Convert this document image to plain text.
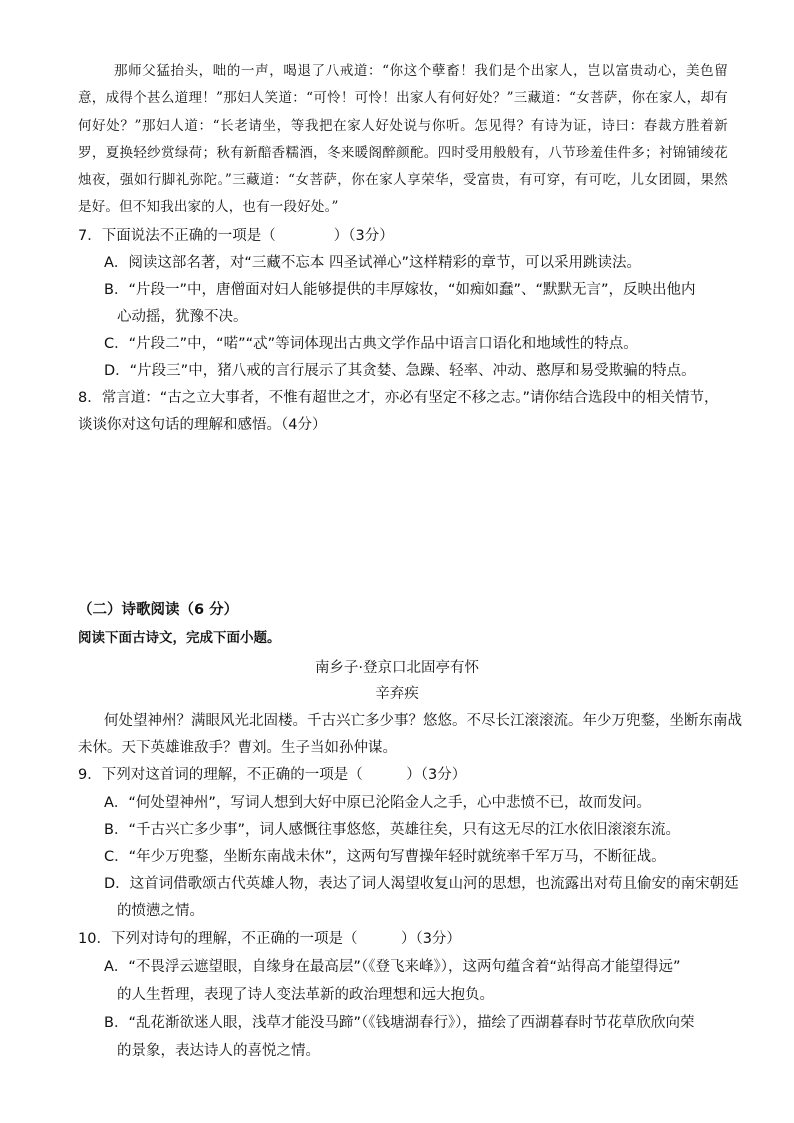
那师父猛抬头，咄的一声，喝退了八戒道：“你这个孽畜！我们是个出家人，岂以富贵动心，美色留意，成得个甚么道理！”那妇人笑道：“可怜！可怜！出家人有何好处？”三藏道：“女菩萨，你在家人，却有何好处？”那妇人道：“长老请坐，等我把在家人好处说与你听。怎见得？有诗为证，诗曰：春裁方胜着新罗，夏换轻纱赏绿荷；秋有新醅香糯酒，冬来暖阁醉颜酡。四时受用般般有，八节珍羞佳件多；衬锦铺绫花烛夜，强如行脚礼弥陀。”三藏道：“女菩萨，你在家人享荣华，受富贵，有可穿，有可吃，儿女团圆，果然是好。但不知我出家的人，也有一段好处。”

7．下面说法不正确的一项是（　　　　）（3分）
A．阅读这部名著，对“三藏不忘本 四圣试禅心”这样精彩的章节，可以采用跳读法。
B．“片段一”中，唐僧面对妇人能够提供的丰厚嫁妆，“如痴如蠢”、“默默无言”，反映出他内
心动摇，犹豫不决。
C．“片段二”中，“喏”“忒”等词体现出古典文学作品中语言口语化和地域性的特点。
D．“片段三”中，猪八戒的言行展示了其贪婪、急躁、轻率、冲动、憨厚和易受欺骗的特点。
8．常言道：“古之立大事者，不惟有超世之才，亦必有坚定不移之志。”请你结合选段中的相关情节，
谈谈你对这句话的理解和感悟。（4分）
（二）诗歌阅读（6 分）
阅读下面古诗文，完成下面小题。
南乡子·登京口北固亭有怀
辛弃疾
何处望神州？满眼风光北固楼。千古兴亡多少事？悠悠。不尽长江滚滚流。年少万兜鍪，坐断东南战
未休。天下英雄谁敌手？曹刘。生子当如孙仲谋。
9．下列对这首词的理解，不正确的一项是（　　　）（3分）
A．“何处望神州”，写词人想到大好中原已沦陷金人之手，心中悲愤不已，故而发问。
B．“千古兴亡多少事”，词人感慨往事悠悠，英雄往矣，只有这无尽的江水依旧滚滚东流。
C．“年少万兜鍪，坐断东南战未休”，这两句写曹操年轻时就统率千军万马，不断征战。
D．这首词借歌颂古代英雄人物，表达了词人渴望收复山河的思想，也流露出对苟且偷安的南宋朝廷
的愤懑之情。
10．下列对诗句的理解，不正确的一项是（　　　）（3分）
A．“不畏浮云遮望眼，自缘身在最高层”（《登飞来峰》），这两句蕴含着“站得高才能望得远”
的人生哲理，表现了诗人变法革新的政治理想和远大抱负。
B．“乱花渐欲迷人眼，浅草才能没马蹄”（《钱塘湖春行》），描绘了西湖暮春时节花草欣欣向荣
的景象，表达诗人的喜悦之情。
